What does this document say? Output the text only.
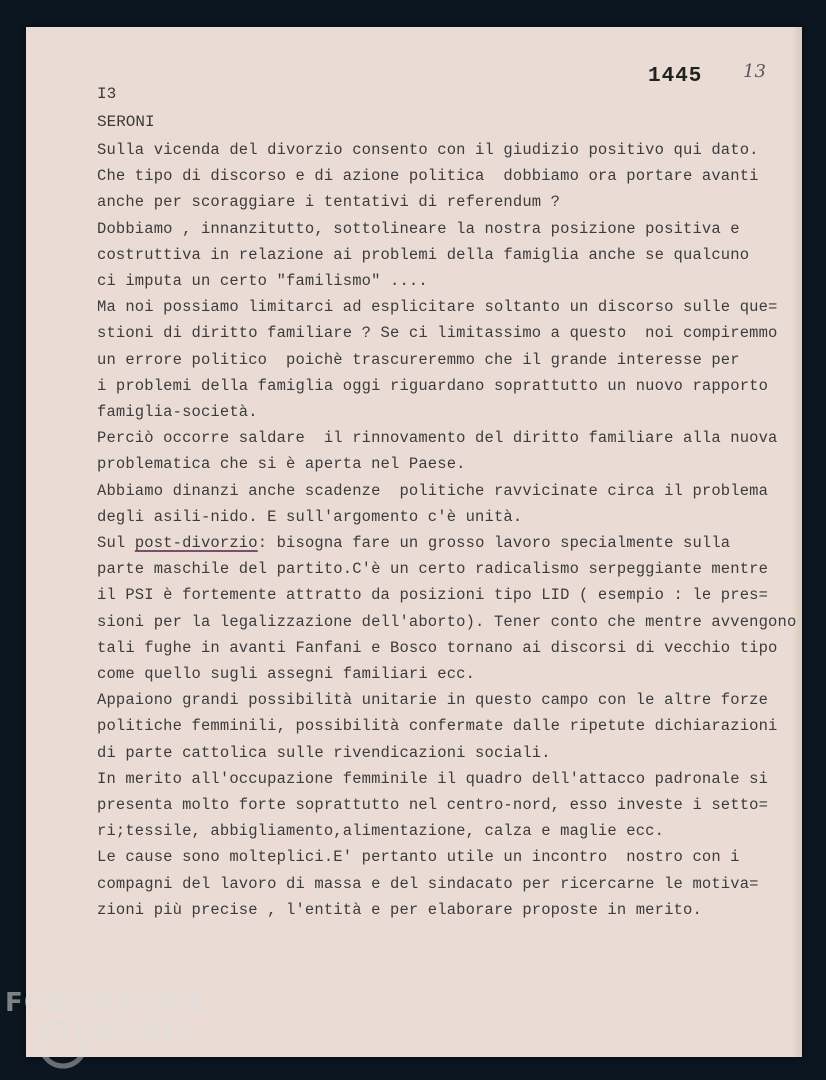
1445 13
I3
SERONI
Sulla vicenda del divorzio consento con il giudizio positivo qui dato.
Che tipo di discorso e di azione politica  dobbiamo ora portare avanti
anche per scoraggiare i tentativi di referendum ?
Dobbiamo , innanzitutto, sottolineare la nostra posizione positiva e
costruttiva in relazione ai problemi della famiglia anche se qualcuno
ci imputa un certo "familismo" ....
Ma noi possiamo limitarci ad esplicitare soltanto un discorso sulle que=
stioni di diritto familiare ? Se ci limitassimo a questo  noi compiremmo
un errore politico  poichè trascureremmo che il grande interesse per
i problemi della famiglia oggi riguardano soprattutto un nuovo rapporto
famiglia-società.
Perciò occorre saldare  il rinnovamento del diritto familiare alla nuova
problematica che si è aperta nel Paese.
Abbiamo dinanzi anche scadenze  politiche ravvicinate circa il problema
degli asili-nido. E sull'argomento c'è unità.
Sul post-divorzio: bisogna fare un grosso lavoro specialmente sulla
parte maschile del partito.C'è un certo radicalismo serpeggiante mentre
il PSI è fortemente attratto da posizioni tipo LID ( esempio : le pres=
sioni per la legalizzazione dell'aborto). Tener conto che mentre avvengono
tali fughe in avanti Fanfani e Bosco tornano ai discorsi di vecchio tipo
come quello sugli assegni familiari ecc.
Appaiono grandi possibilità unitarie in questo campo con le altre forze
politiche femminili, possibilità confermate dalle ripetute dichiarazioni
di parte cattolica sulle rivendicazioni sociali.
In merito all'occupazione femminile il quadro dell'attacco padronale si
presenta molto forte soprattutto nel centro-nord, esso investe i setto=
ri;tessile, abbigliamento,alimentazione, calza e maglie ecc.
Le cause sono molteplici.E' pertanto utile un incontro  nostro con i
compagni del lavoro di massa e del sindacato per ricercarne le motiva=
zioni più precise , l'entità e per elaborare proposte in merito.
FONDAZIONE
GRAMSCI
onlus
